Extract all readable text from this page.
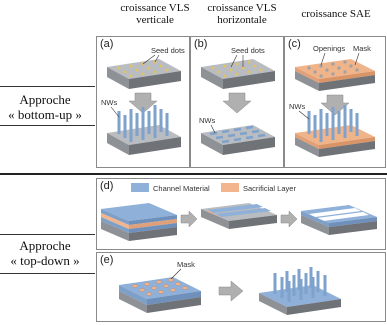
croissance VLS
verticale
croissance VLS
horizontale	croissance SAE
Approche
« bottom-up »
Approche
« top-down »
(a)
Seed dots
NWs
(b)
Seed dots
NWs
(c) Openings Mask
NWs
(d)	Channel Material	Sacrificial Layer
(e)	Mask
